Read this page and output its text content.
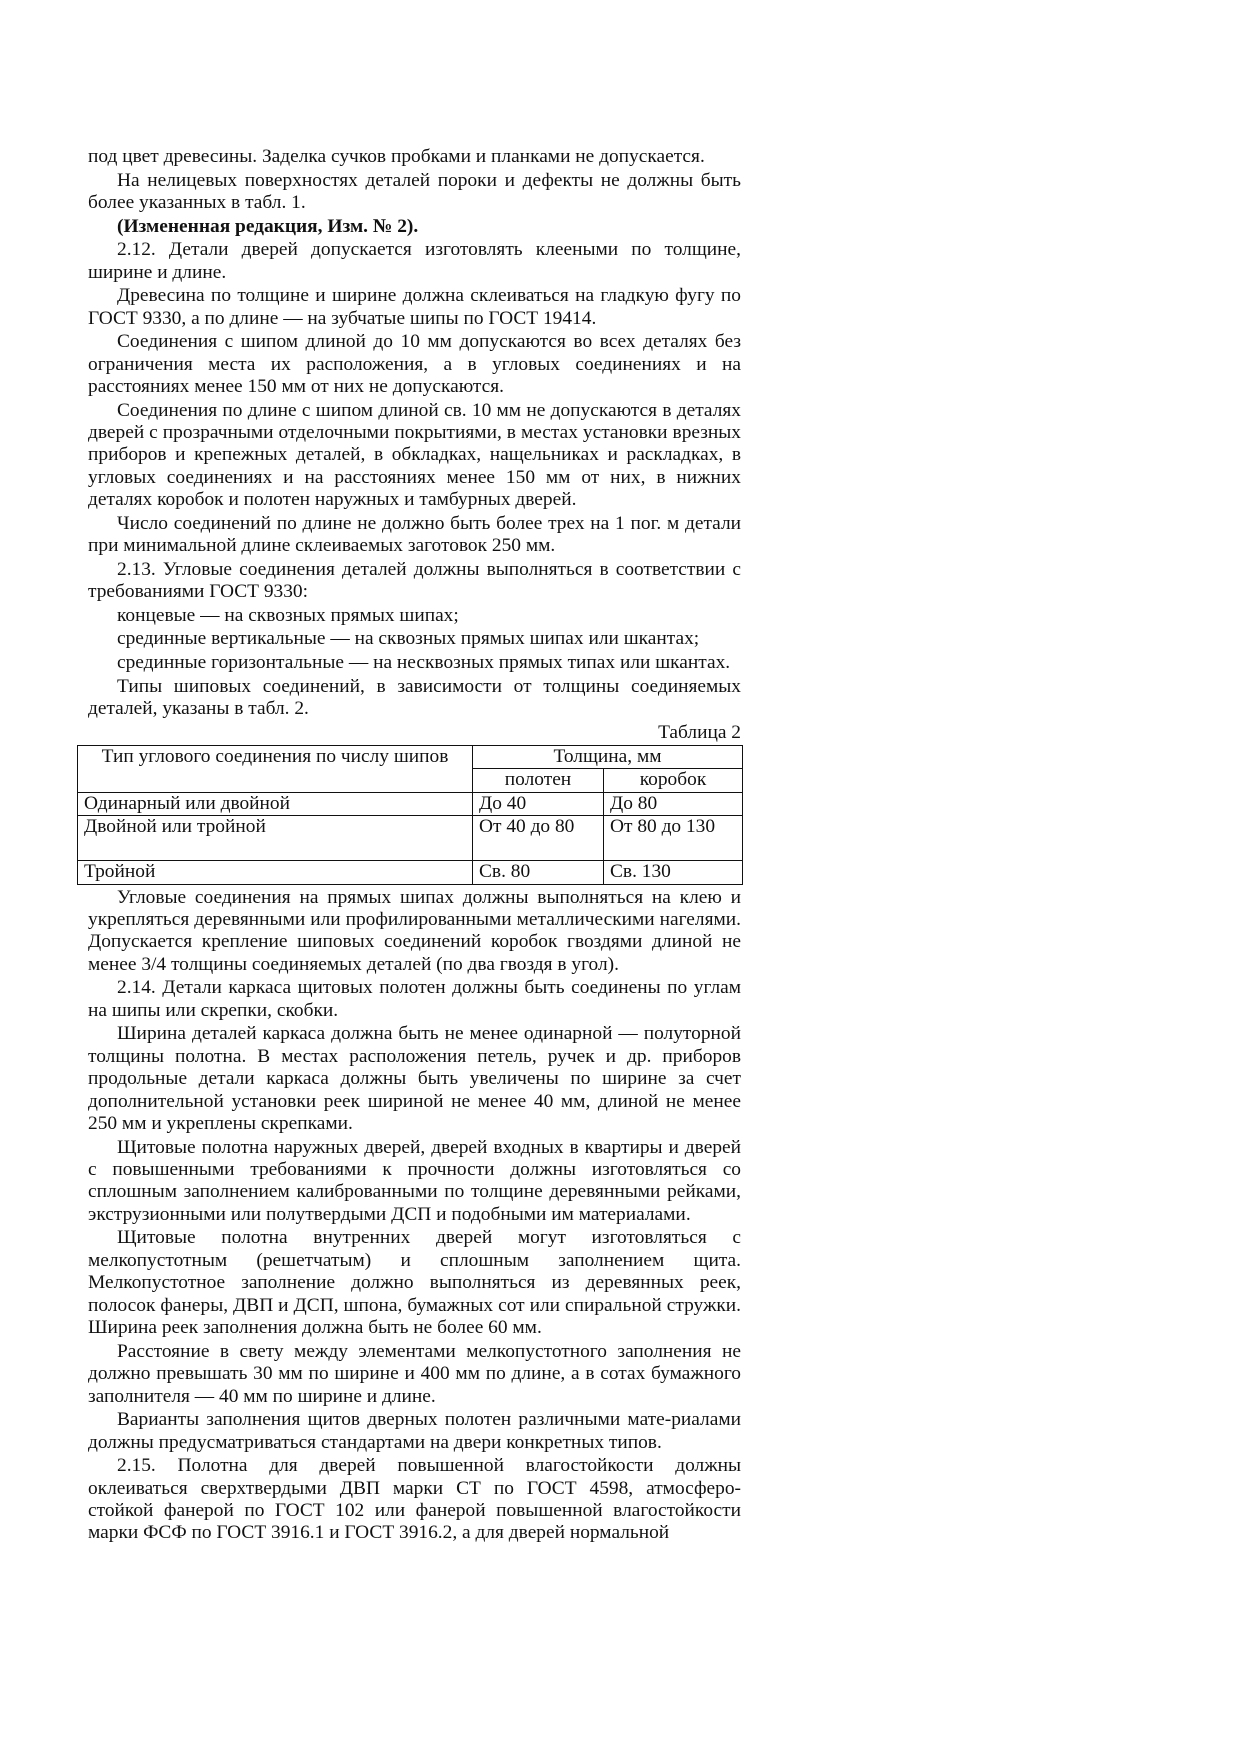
под цвет древесины. Заделка сучков пробками и планками не допускается.

На нелицевых поверхностях деталей пороки и дефекты не должны быть более указанных в табл. 1.

(Измененная редакция, Изм. № 2).

2.12. Детали дверей допускается изготовлять клееными по толщине, ширине и длине.

Древесина по толщине и ширине должна склеиваться на гладкую фугу по ГОСТ 9330, а по длине — на зубчатые шипы по ГОСТ 19414.

Соединения с шипом длиной до 10 мм допускаются во всех деталях без ограничения места их расположения, а в угловых соединениях и на расстояниях менее 150 мм от них не допускаются.

Соединения по длине с шипом длиной св. 10 мм не допускаются в деталях дверей с прозрачными отделочными покрытиями, в местах установки врезных приборов и крепежных деталей, в обкладках, нащельниках и раскладках, в угловых соединениях и на расстояниях менее 150 мм от них, в нижних деталях коробок и полотен наружных и тамбурных дверей.

Число соединений по длине не должно быть более трех на 1 пог. м детали при минимальной длине склеиваемых заготовок 250 мм.

2.13. Угловые соединения деталей должны выполняться в соответствии с требованиями ГОСТ 9330:

концевые — на сквозных прямых шипах;

срединные вертикальные — на сквозных прямых шипах или шкантах;

срединные горизонтальные — на несквозных прямых типах или шкантах.

Типы шиповых соединений, в зависимости от толщины соединяемых деталей, указаны в табл. 2.

Таблица 2
Тип углового соединения по числу шипов	Толщина, мм	
	полотен	коробок
Одинарный или двойной	До 40	До 80
Двойной или тройной	От 40 до 80	От 80 до 130
Тройной	Св. 80	Св. 130

Угловые соединения на прямых шипах должны выполняться на клею и укрепляться деревянными или профилированными металлическими нагелями. Допускается крепление шиповых соединений коробок гвоздями длиной не менее 3/4 толщины соединяемых деталей (по два гвоздя в угол).

2.14. Детали каркаса щитовых полотен должны быть соединены по углам на шипы или скрепки, скобки.

Ширина деталей каркаса должна быть не менее одинарной — полуторной толщины полотна. В местах расположения петель, ручек и др. приборов продольные детали каркаса должны быть увеличены по ширине за счет дополнительной установки реек шириной не менее 40 мм, длиной не менее 250 мм и укреплены скрепками.

Щитовые полотна наружных дверей, дверей входных в квартиры и дверей с повышенными требованиями к прочности должны изготовляться со сплошным заполнением калиброванными по толщине деревянными рейками, экструзионными или полутвердыми ДСП и подобными им материалами.

Щитовые полотна внутренних дверей могут изготовляться с мелкопустотным (решетчатым) и сплошным заполнением щита. Мелкопустотное заполнение должно выполняться из деревянных реек, полосок фанеры, ДВП и ДСП, шпона, бумажных сот или спиральной стружки. Ширина реек заполнения должна быть не более 60 мм.

Расстояние в свету между элементами мелкопустотного заполнения не должно превышать 30 мм по ширине и 400 мм по длине, а в сотах бумажного заполнителя — 40 мм по ширине и длине.

Варианты заполнения щитов дверных полотен различными мате-риалами должны предусматриваться стандартами на двери конкретных типов.

2.15. Полотна для дверей повышенной влагостойкости должны оклеиваться сверхтвердыми ДВП марки СТ по ГОСТ 4598, атмосферо-стойкой фанерой по ГОСТ 102 или фанерой повышенной влагостойкости марки ФСФ по ГОСТ 3916.1 и ГОСТ 3916.2, а для дверей нормальной
